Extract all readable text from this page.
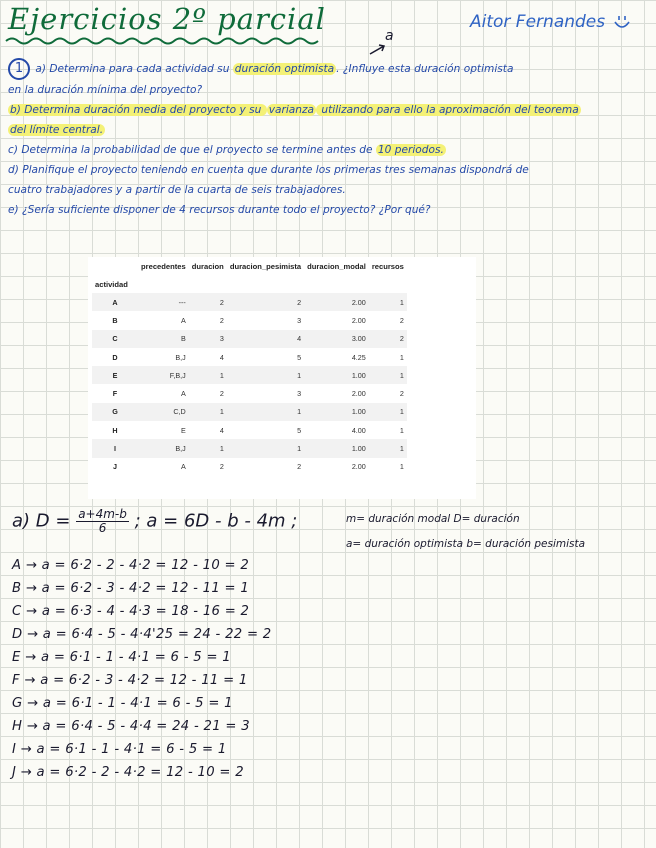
Ejercicios 2º parcial	Aitor Fernandes
a
1 a) Determina para cada actividad su duración optimista . ¿Influye esta duración optimista
en la duración mínima del proyecto?
b) Determina duración media del proyecto y su varianza utilizando para ello la aproximación del teorema
del límite central.
c) Determina la probabilidad de que el proyecto se termine antes de 10 periodos.
d) Planifique el proyecto teniendo en cuenta que durante los primeras tres semanas dispondrá de
cuatro trabajadores y a partir de la cuarta de seis trabajadores.
e) ¿Sería suficiente disponer de 4 recursos durante todo el proyecto? ¿Por qué?
	precedentes	duracion	duracion_pesimista	duracion_modal	recursos
actividad					
A	---	2	2	2.00	1
B	A	2	3	2.00	2
C	B	3	4	3.00	2
D	B,J	4	5	4.25	1
E	F,B,J	1	1	1.00	1
F	A	2	3	2.00	2
G	C,D	1	1	1.00	1
H	E	4	5	4.00	1
I	B,J	1	1	1.00	1
J	A	2	2	2.00	1
a) $D = \frac{a+4m-b}{6}$ ; a = 6D - b - 4m ;	m= duración modal D= duración
a= duración optimista b= duración pesimista
A → a = 6·2 - 2 - 4·2 = 12 - 10 = 2
B → a = 6·2 - 3 - 4·2 = 12 - 11 = 1
C → a = 6·3 - 4 - 4·3 = 18 - 16 = 2
D → a = 6·4 - 5 - 4·4'25 = 24 - 22 = 2
E → a = 6·1 - 1 - 4·1 = 6 - 5 = 1
F → a = 6·2 - 3 - 4·2 = 12 - 11 = 1
G → a = 6·1 - 1 - 4·1 = 6 - 5 = 1
H → a = 6·4 - 5 - 4·4 = 24 - 21 = 3
I → a = 6·1 - 1 - 4·1 = 6 - 5 = 1
J → a = 6·2 - 2 - 4·2 = 12 - 10 = 2
